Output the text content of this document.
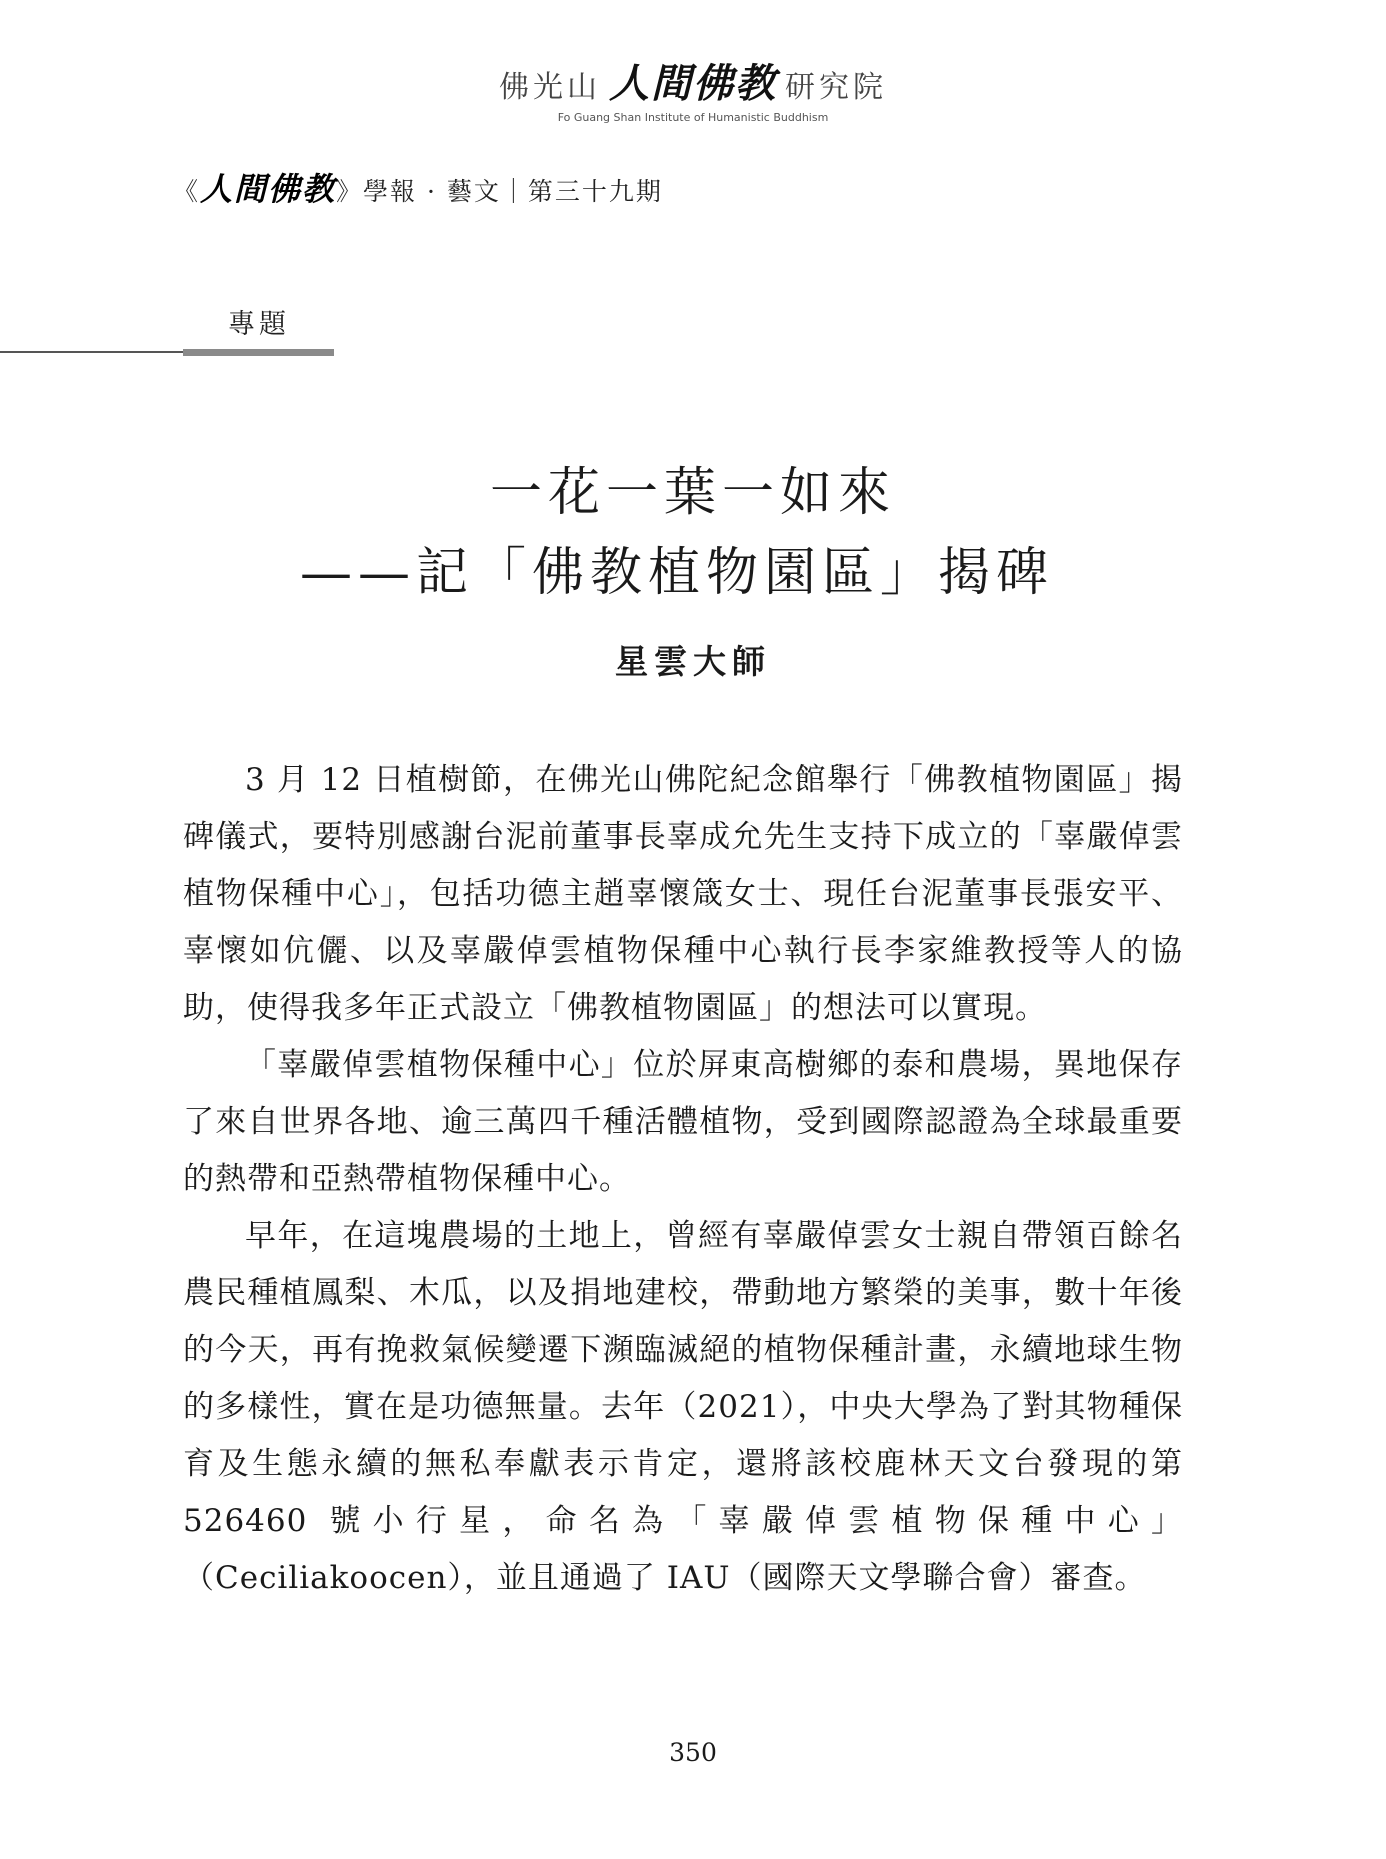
佛光山 人間佛教 研究院
Fo Guang Shan Institute of Humanistic Buddhism
《人間佛教》學報 · 藝文｜第三十九期
專題
一花一葉一如來
——記「佛教植物園區」揭碑
星雲大師

3 月 12 日植樹節，在佛光山佛陀紀念館舉行「佛教植物園區」揭碑儀式，要特別感謝台泥前董事長辜成允先生支持下成立的「辜嚴倬雲植物保種中心」，包括功德主趙辜懷箴女士、現任台泥董事長張安平、辜懷如伉儷、以及辜嚴倬雲植物保種中心執行長李家維教授等人的協助，使得我多年正式設立「佛教植物園區」的想法可以實現。

「辜嚴倬雲植物保種中心」位於屏東高樹鄉的泰和農場，異地保存了來自世界各地、逾三萬四千種活體植物，受到國際認證為全球最重要的熱帶和亞熱帶植物保種中心。

早年，在這塊農場的土地上，曾經有辜嚴倬雲女士親自帶領百餘名農民種植鳳梨、木瓜，以及捐地建校，帶動地方繁榮的美事，數十年後的今天，再有挽救氣候變遷下瀕臨滅絕的植物保種計畫，永續地球生物的多樣性，實在是功德無量。去年（2021），中央大學為了對其物種保育及生態永續的無私奉獻表示肯定，還將該校鹿林天文台發現的第 526460 號小行星，命名為「辜嚴倬雲植物保種中心」（Ceciliakoocen），並且通過了 IAU（國際天文學聯合會）審查。

350
